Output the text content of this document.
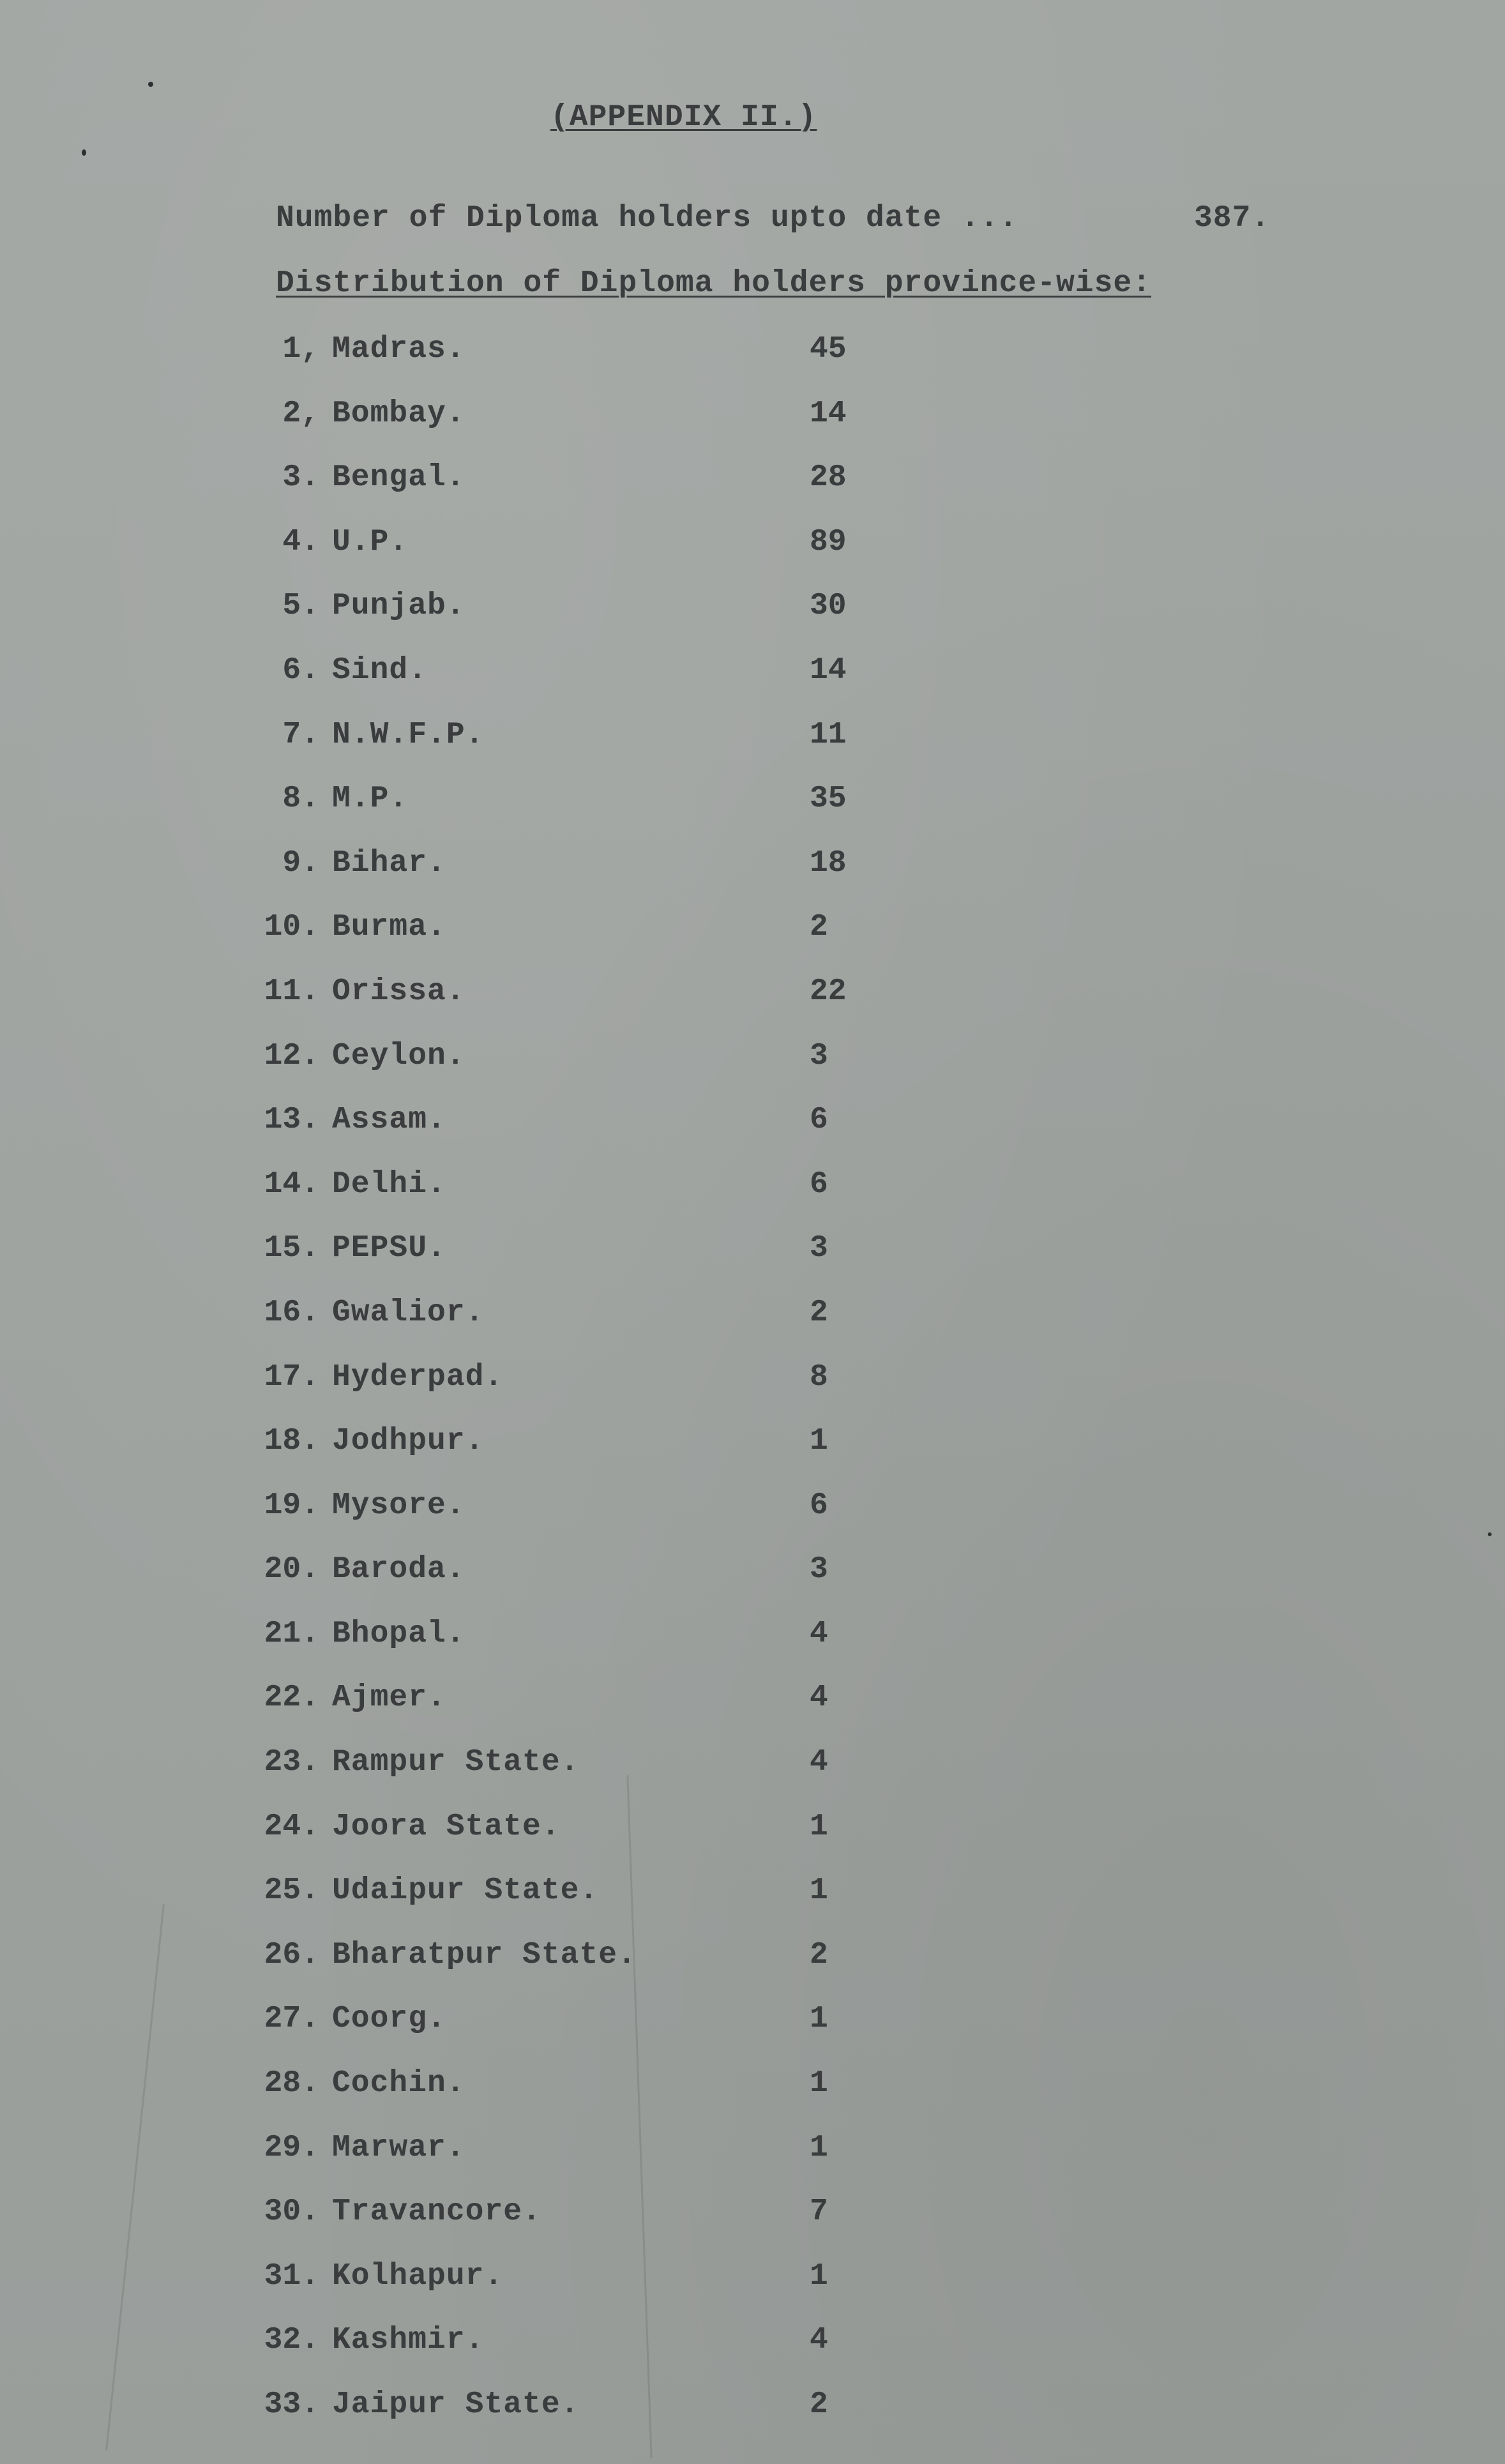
(APPENDIX II.)
Number of Diploma holders upto date ...	387.
Distribution of Diploma holders province-wise:
1, Madras.	45
2, Bombay.	14
3. Bengal.	28
4. U.P.	89
5. Punjab.	30
6. Sind.	14
7. N.W.F.P.	11
8. M.P.	35
9. Bihar.	18
10. Burma.	2
11. Orissa.	22
12. Ceylon.	3
13. Assam.	6
14. Delhi.	6
15. PEPSU.	3
16. Gwalior.	2
17. Hyderpad.	8
18. Jodhpur.	1
19. Mysore.	6
20. Baroda.	3
21. Bhopal.	4
22. Ajmer.	4
23. Rampur State.	4
24. Joora State.	1
25. Udaipur State.	1
26. Bharatpur State.	2
27. Coorg.	1
28. Cochin.	1
29. Marwar.	1
30. Travancore.	7
31. Kolhapur.	1
32. Kashmir.	4
33. Jaipur State.	2
